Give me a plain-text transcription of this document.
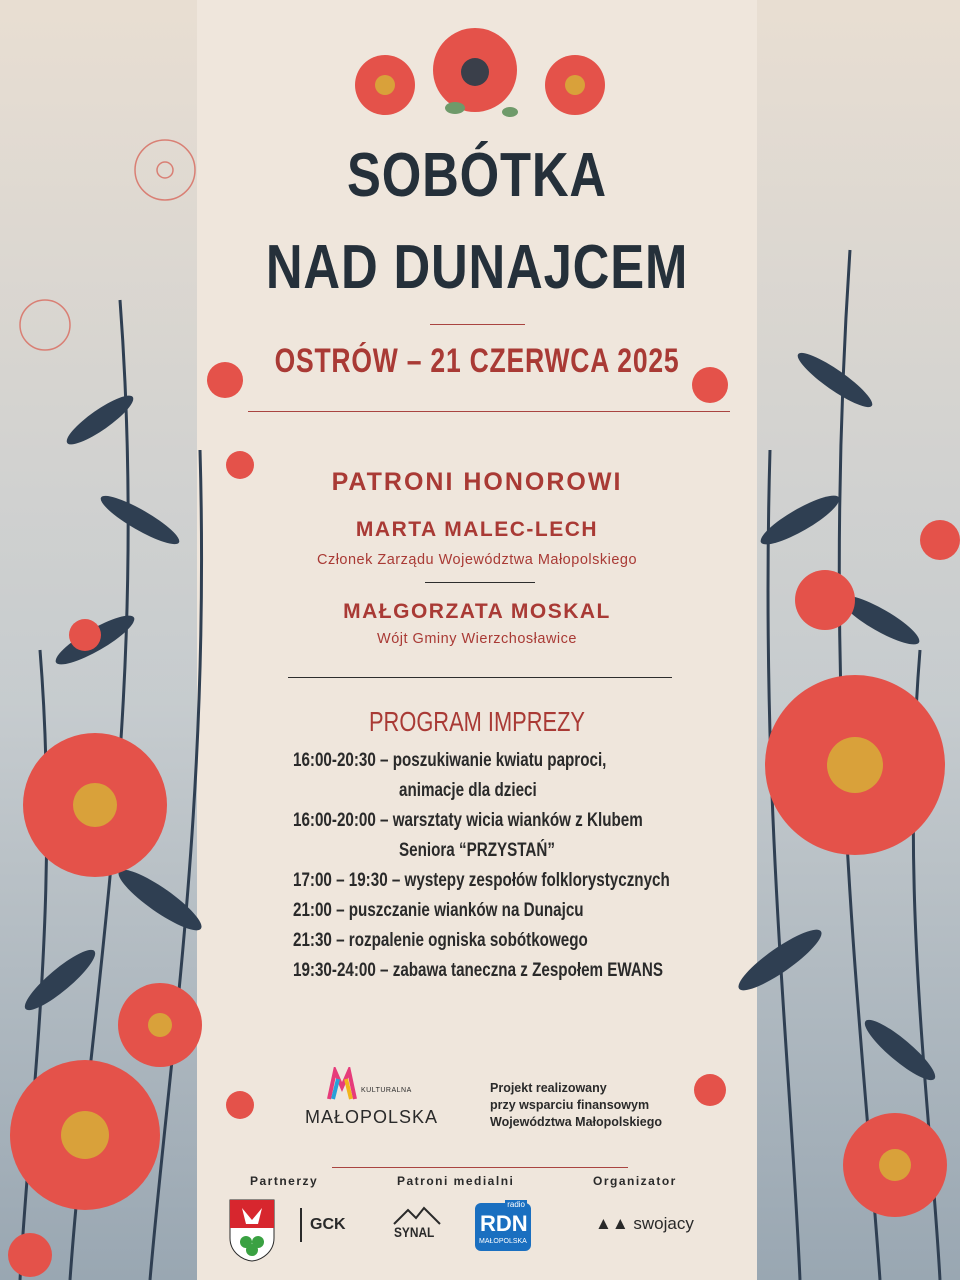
SOBÓTKA
NAD DUNAJCEM
OSTRÓW – 21 CZERWCA 2025
PATRONI HONOROWI
MARTA MALEC-LECH
Członek Zarządu Województwa Małopolskiego
MAŁGORZATA MOSKAL
Wójt Gminy Wierzchosławice
PROGRAM IMPREZY
16:00-20:30 – poszukiwanie kwiatu paproci,
animacje dla dzieci
16:00-20:00 – warsztaty wicia wianków z Klubem
Seniora “PRZYSTAŃ”
17:00 – 19:30 – wystepy zespołów folklorystycznych
21:00 – puszczanie wianków na Dunajcu
21:30 – rozpalenie ogniska sobótkowego
19:30-24:00 – zabawa taneczna z Zespołem EWANS
KULTURALNA
MAŁOPOLSKA
Projekt realizowany
przy wsparciu finansowym
Województwa Małopolskiego
Partnerzy	Patroni medialni	Organizator
GCK	SYNAL
radio
RDN
MAŁOPOLSKA
▲▲ swojacy
